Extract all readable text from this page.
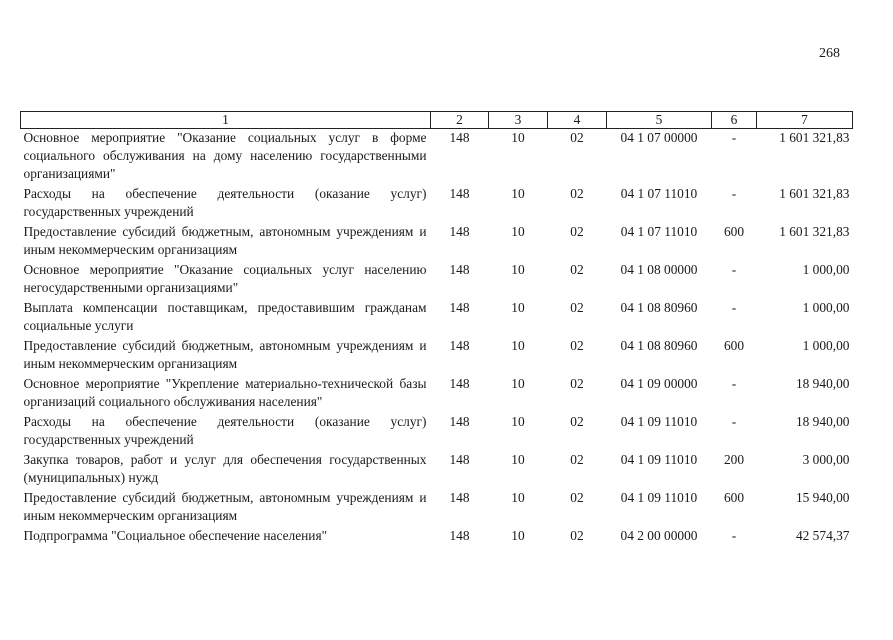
268
1	2	3	4	5	6	7
Основное мероприятие "Оказание социальных услуг в форме социального обслуживания на дому населению государственными организациями"	148	10	02	04 1 07 00000	-	1 601 321,83
Расходы на обеспечение деятельности (оказание услуг) государственных учреждений	148	10	02	04 1 07 11010	-	1 601 321,83
Предоставление субсидий бюджетным, автономным учреждениям и иным некоммерческим организациям	148	10	02	04 1 07 11010	600	1 601 321,83
Основное мероприятие "Оказание социальных услуг населению негосударственными организациями"	148	10	02	04 1 08 00000	-	1 000,00
Выплата компенсации поставщикам, предоставившим гражданам социальные услуги	148	10	02	04 1 08 80960	-	1 000,00
Предоставление субсидий бюджетным, автономным учреждениям и иным некоммерческим организациям	148	10	02	04 1 08 80960	600	1 000,00
Основное мероприятие "Укрепление материально-технической базы организаций социального обслуживания населения"	148	10	02	04 1 09 00000	-	18 940,00
Расходы на обеспечение деятельности (оказание услуг) государственных учреждений	148	10	02	04 1 09 11010	-	18 940,00
Закупка товаров, работ и услуг для обеспечения государственных (муниципальных) нужд	148	10	02	04 1 09 11010	200	3 000,00
Предоставление субсидий бюджетным, автономным учреждениям и иным некоммерческим организациям	148	10	02	04 1 09 11010	600	15 940,00
Подпрограмма "Социальное обеспечение населения"	148	10	02	04 2 00 00000	-	42 574,37
